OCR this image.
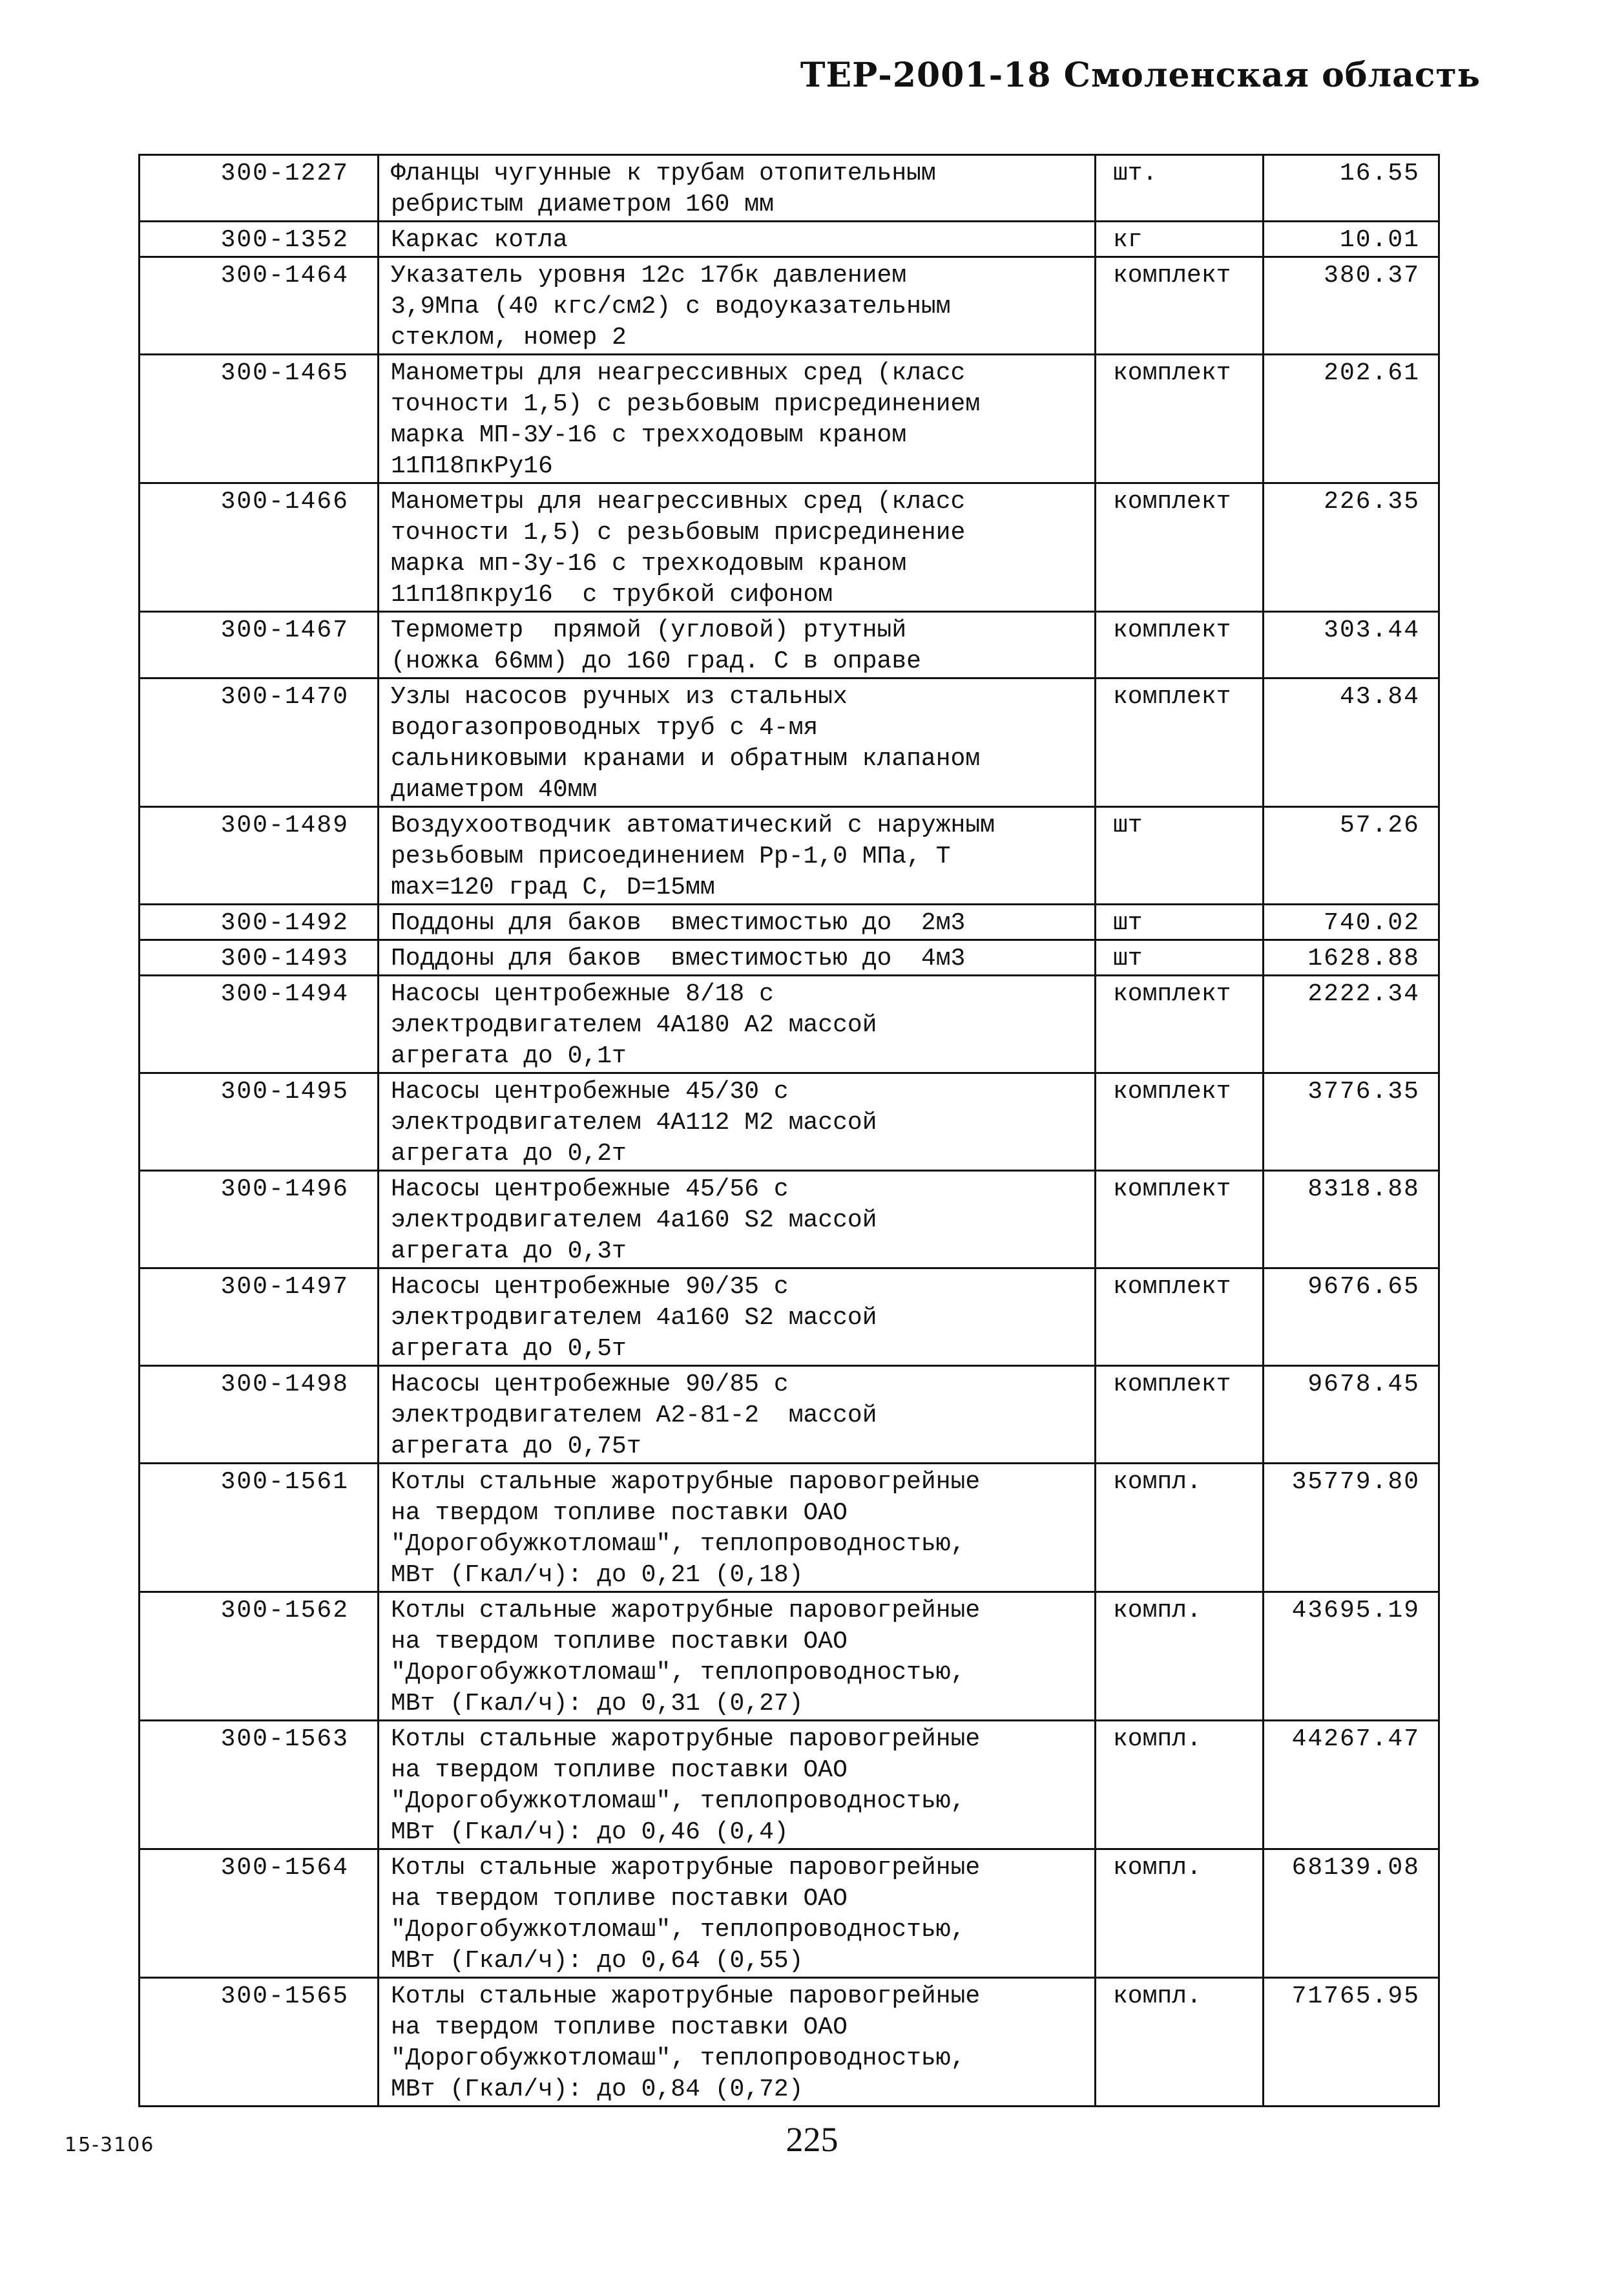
ТЕР-2001-18 Смоленская область
300-1227	Фланцы чугунные к трубам отопительным
ребристым диаметром 160 мм	шт.	16.55
300-1352	Каркас котла	кг	10.01
300-1464	Указатель уровня 12с 17бк давлением
3,9Мпа (40 кгс/см2) с водоуказательным
стеклом, номер 2	комплект	380.37
300-1465	Манометры для неагрессивных сред (класс
точности 1,5) с резьбовым присрединением
марка МП-3У-16 с трехходовым краном
11П18пкРу16	комплект	202.61
300-1466	Манометры для неагрессивных сред (класс
точности 1,5) с резьбовым присрединение
марка мп-3у-16 с трехкодовым краном
11п18пкру16  с трубкой сифоном	комплект	226.35
300-1467	Термометр  прямой (угловой) ртутный
(ножка 66мм) до 160 град. С в оправе	комплект	303.44
300-1470	Узлы насосов ручных из стальных
водогазопроводных труб с 4-мя
сальниковыми кранами и обратным клапаном
диаметром 40мм	комплект	43.84
300-1489	Воздухоотводчик автоматический с наружным
резьбовым присоединением Рр-1,0 МПа, Т
max=120 град С, D=15мм	шт	57.26
300-1492	Поддоны для баков  вместимостью до  2м3	шт	740.02
300-1493	Поддоны для баков  вместимостью до  4м3	шт	1628.88
300-1494	Насосы центробежные 8/18 с
электродвигателем 4А180 А2 массой
агрегата до 0,1т	комплект	2222.34
300-1495	Насосы центробежные 45/30 с
электродвигателем 4А112 М2 массой
агрегата до 0,2т	комплект	3776.35
300-1496	Насосы центробежные 45/56 с
электродвигателем 4а160 S2 массой
агрегата до 0,3т	комплект	8318.88
300-1497	Насосы центробежные 90/35 с
электродвигателем 4а160 S2 массой
агрегата до 0,5т	комплект	9676.65
300-1498	Насосы центробежные 90/85 с
электродвигателем А2-81-2  массой
агрегата до 0,75т	комплект	9678.45
300-1561	Котлы стальные жаротрубные паровогрейные
на твердом топливе поставки ОАО
"Дорогобужкотломаш", теплопроводностью,
МВт (Гкал/ч): до 0,21 (0,18)	компл.	35779.80
300-1562	Котлы стальные жаротрубные паровогрейные
на твердом топливе поставки ОАО
"Дорогобужкотломаш", теплопроводностью,
МВт (Гкал/ч): до 0,31 (0,27)	компл.	43695.19
300-1563	Котлы стальные жаротрубные паровогрейные
на твердом топливе поставки ОАО
"Дорогобужкотломаш", теплопроводностью,
МВт (Гкал/ч): до 0,46 (0,4)	компл.	44267.47
300-1564	Котлы стальные жаротрубные паровогрейные
на твердом топливе поставки ОАО
"Дорогобужкотломаш", теплопроводностью,
МВт (Гкал/ч): до 0,64 (0,55)	компл.	68139.08
300-1565	Котлы стальные жаротрубные паровогрейные
на твердом топливе поставки ОАО
"Дорогобужкотломаш", теплопроводностью,
МВт (Гкал/ч): до 0,84 (0,72)	компл.	71765.95
15-3106	225
